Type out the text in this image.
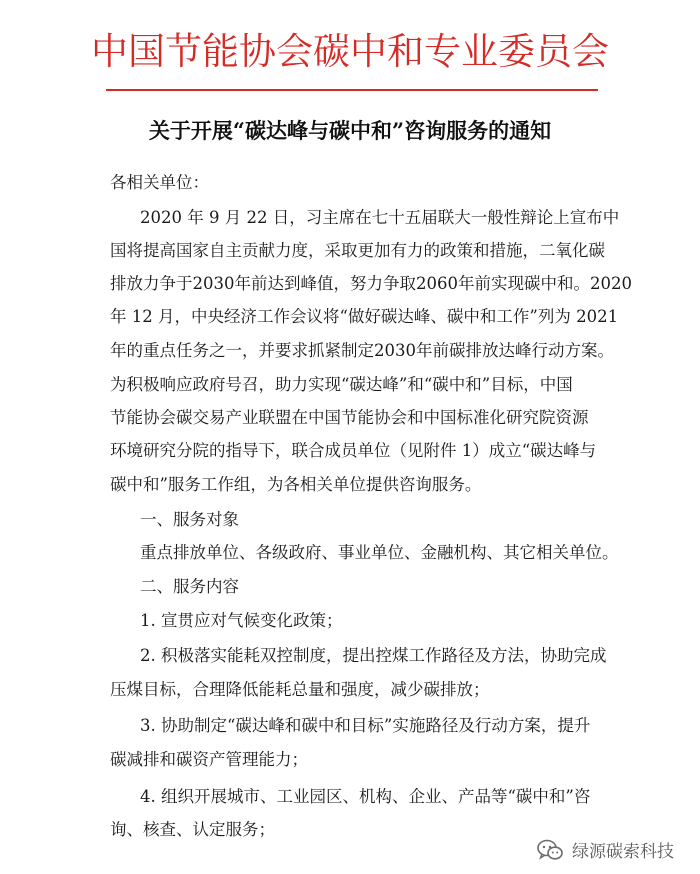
中国节能协会碳中和专业委员会
关于开展“碳达峰与碳中和”咨询服务的通知
各相关单位：
2020 年 9 月 22 日，习主席在七十五届联大一般性辩论上宣布中
国将提高国家自主贡献力度，采取更加有力的政策和措施，二氧化碳
排放力争于2030年前达到峰值，努力争取2060年前实现碳中和。2020
年 12 月，中央经济工作会议将“做好碳达峰、碳中和工作”列为 2021
年的重点任务之一，并要求抓紧制定2030年前碳排放达峰行动方案。
为积极响应政府号召，助力实现“碳达峰”和“碳中和”目标，中国
节能协会碳交易产业联盟在中国节能协会和中国标准化研究院资源
环境研究分院的指导下，联合成员单位（见附件 1）成立“碳达峰与
碳中和”服务工作组，为各相关单位提供咨询服务。
一、服务对象
重点排放单位、各级政府、事业单位、金融机构、其它相关单位。
二、服务内容
1. 宣贯应对气候变化政策；
2. 积极落实能耗双控制度，提出控煤工作路径及方法，协助完成
压煤目标，合理降低能耗总量和强度，减少碳排放；
3. 协助制定“碳达峰和碳中和目标”实施路径及行动方案，提升
碳减排和碳资产管理能力；
4. 组织开展城市、工业园区、机构、企业、产品等“碳中和”咨
询、核查、认定服务；
绿源碳索科技
